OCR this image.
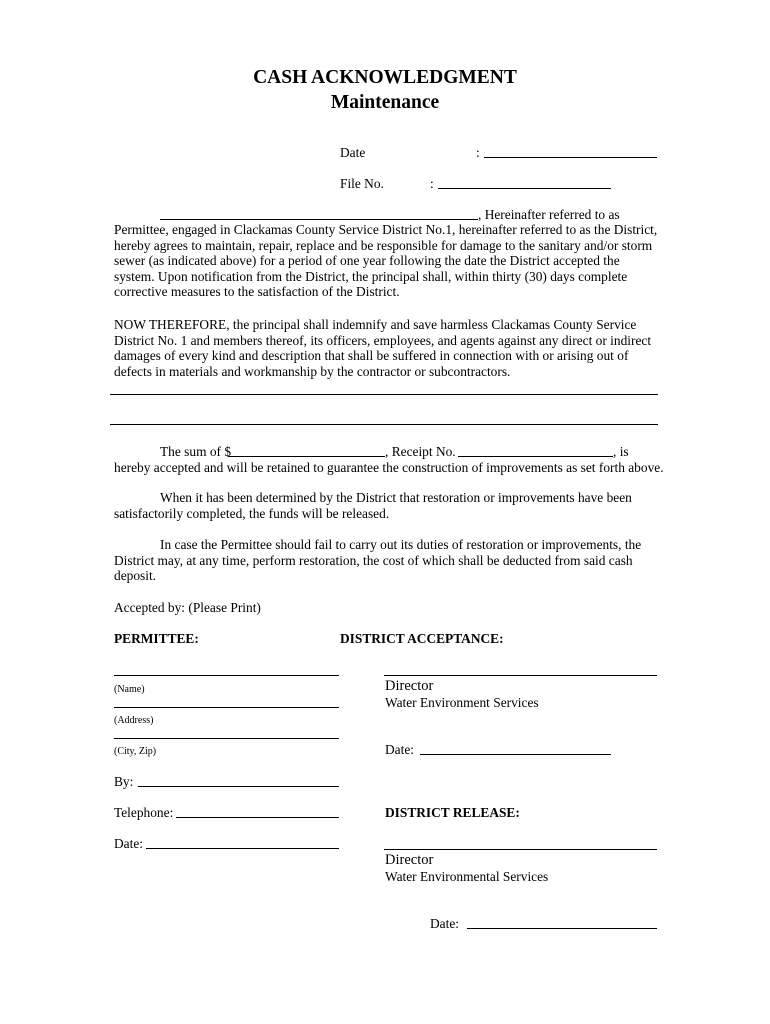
CASH ACKNOWLEDGMENT
Maintenance
Date	:
File No.	:
, Hereinafter referred to as
Permittee, engaged in Clackamas County Service District No.1, hereinafter referred to as the District, hereby agrees to maintain, repair, replace and be responsible for damage to the sanitary and/or storm sewer (as indicated above) for a period of one year following the date the District accepted the system. Upon notification from the District, the principal shall, within thirty (30) days complete corrective measures to the satisfaction of the District.
NOW THEREFORE, the principal shall indemnify and save harmless Clackamas County Service District No. 1 and members thereof, its officers, employees, and agents against any direct or indirect damages of every kind and description that shall be suffered in connection with or arising out of defects in materials and workmanship by the contractor or subcontractors.
The sum of $	, Receipt No.	, is
hereby accepted and will be retained to guarantee the construction of improvements as set forth above.
When it has been determined by the District that restoration or improvements have been satisfactorily completed, the funds will be released.
In case the Permittee should fail to carry out its duties of restoration or improvements, the District may, at any time, perform restoration, the cost of which shall be deducted from said cash deposit.
Accepted by: (Please Print)
PERMITTEE:	DISTRICT ACCEPTANCE:
(Name)
(Address)
(City, Zip)
By:
Telephone:
Date:
Director
Water Environment Services
Date:
DISTRICT RELEASE:
Director
Water Environmental Services
Date:
